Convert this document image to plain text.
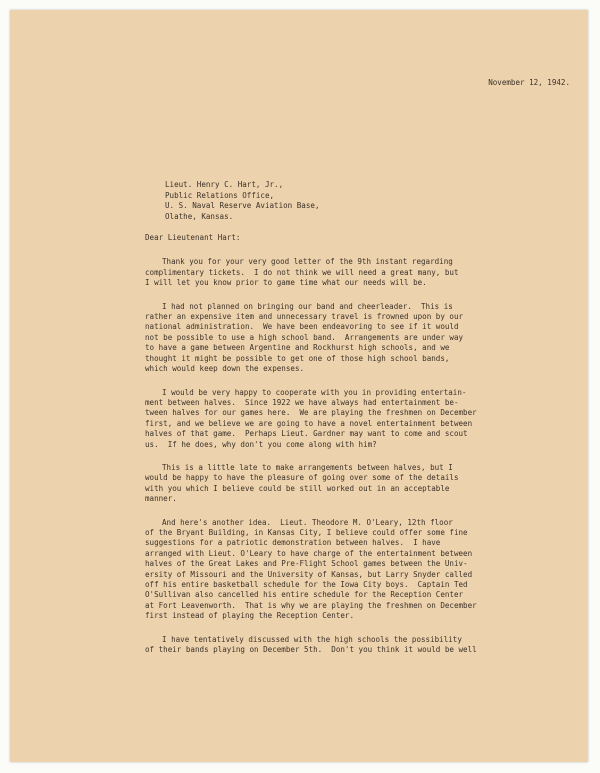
November 12, 1942.
Lieut. Henry C. Hart, Jr.,
Public Relations Office,
U. S. Naval Reserve Aviation Base,
Olathe, Kansas.
Dear Lieutenant Hart:
Thank you for your very good letter of the 9th instant regarding
complimentary tickets.  I do not think we will need a great many, but
I will let you know prior to game time what our needs will be.
I had not planned on bringing our band and cheerleader.  This is
rather an expensive item and unnecessary travel is frowned upon by our
national administration.  We have been endeavoring to see if it would
not be possible to use a high school band.  Arrangements are under way
to have a game between Argentine and Rockhurst high schools, and we
thought it might be possible to get one of those high school bands,
which would keep down the expenses.
I would be very happy to cooperate with you in providing entertain-
ment between halves.  Since 1922 we have always had entertainment be-
tween halves for our games here.  We are playing the freshmen on December
first, and we believe we are going to have a novel entertainment between
halves of that game.  Perhaps Lieut. Gardner may want to come and scout
us.  If he does, why don't you come along with him?
This is a little late to make arrangements between halves, but I
would be happy to have the pleasure of going over some of the details
with you which I believe could be still worked out in an acceptable
manner.
And here's another idea.  Lieut. Theodore M. O'Leary, 12th floor
of the Bryant Building, in Kansas City, I believe could offer some fine
suggestions for a patriotic demonstration between halves.  I have
arranged with Lieut. O'Leary to have charge of the entertainment between
halves of the Great Lakes and Pre-Flight School games between the Univ-
ersity of Missouri and the University of Kansas, but Larry Snyder called
off his entire basketball schedule for the Iowa City boys.  Captain Ted
O'Sullivan also cancelled his entire schedule for the Reception Center
at Fort Leavenworth.  That is why we are playing the freshmen on December
first instead of playing the Reception Center.
I have tentatively discussed with the high schools the possibility
of their bands playing on December 5th.  Don't you think it would be well
